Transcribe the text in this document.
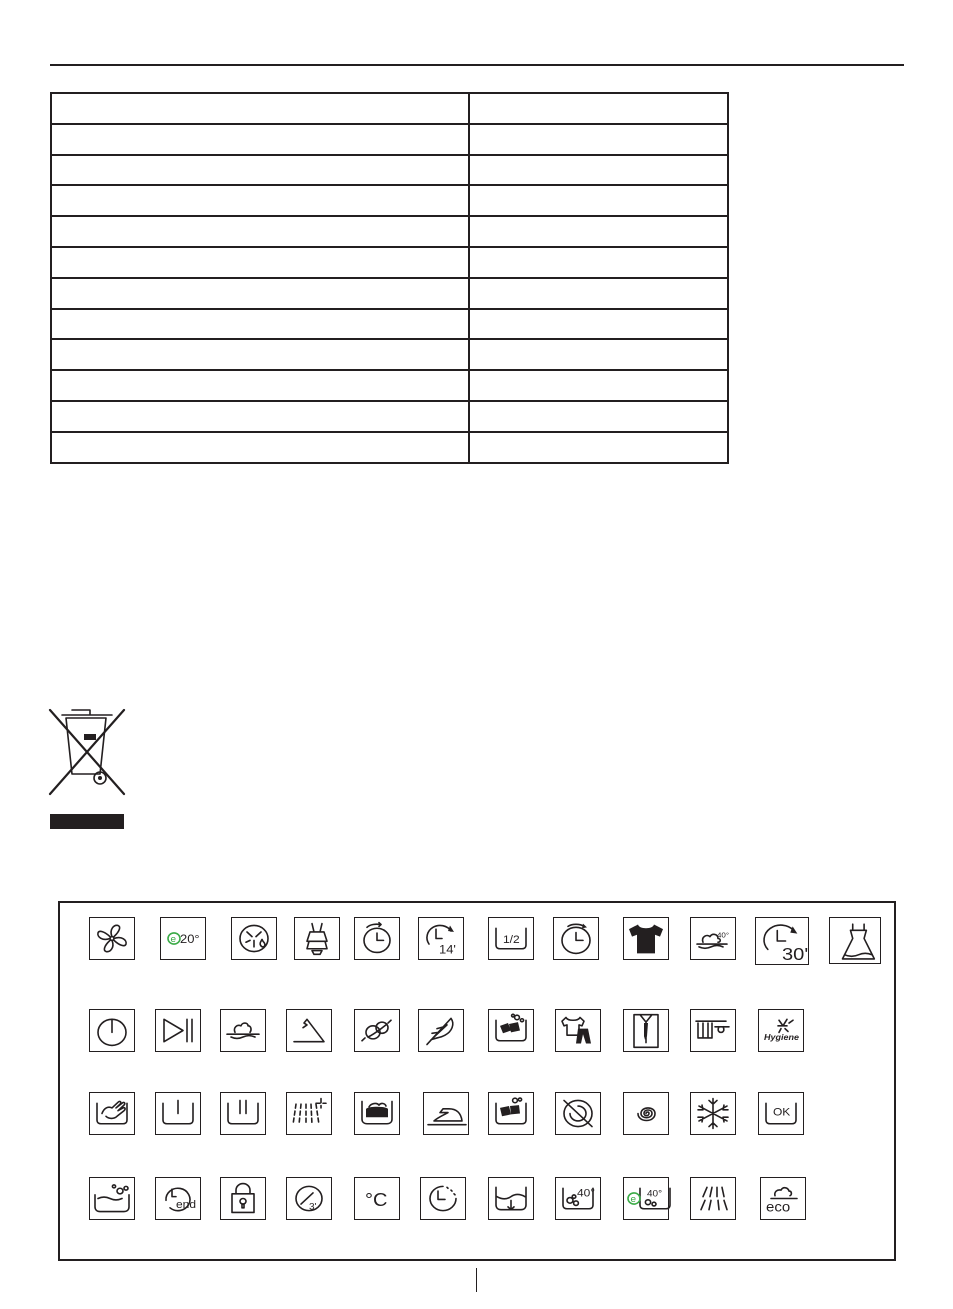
e 20°
14'
1/2	40°
30'
Hygiene
OK
end	3' °C	40°	e 40°
eco
